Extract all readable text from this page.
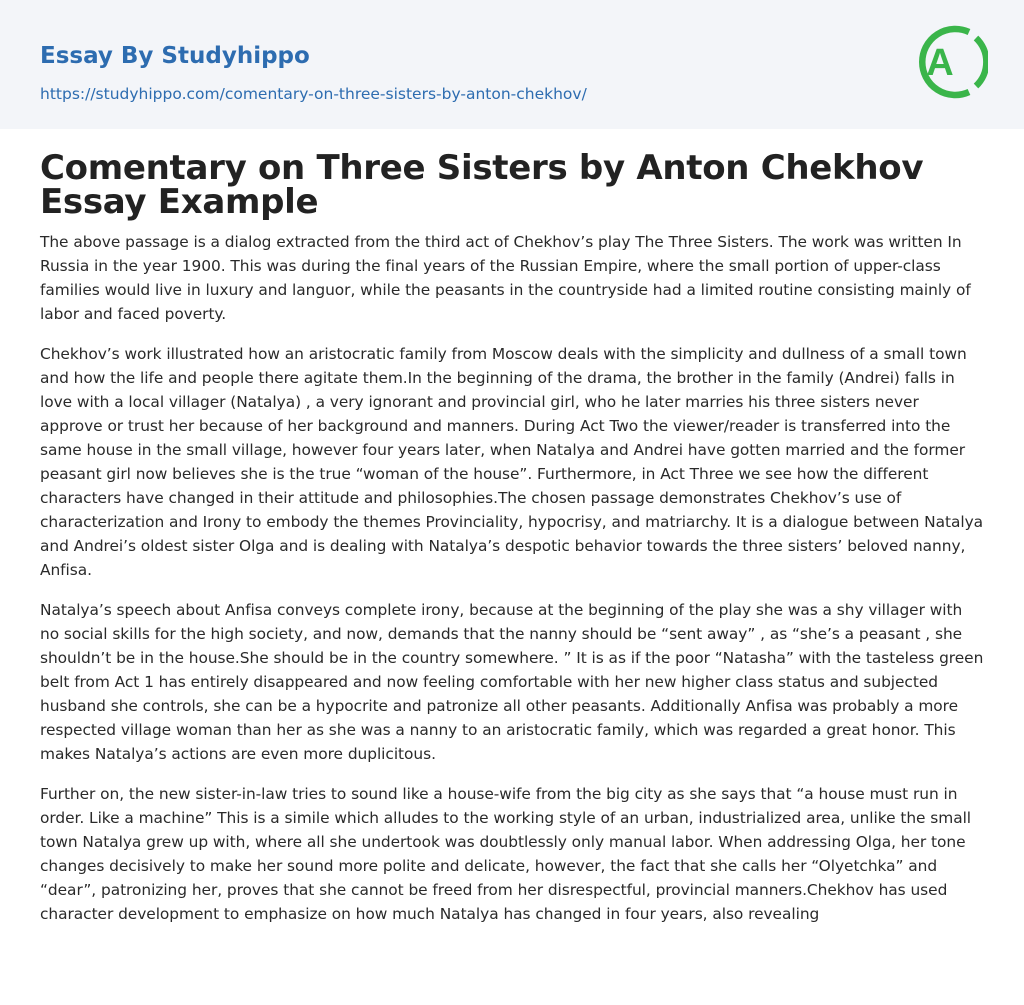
Essay By Studyhippo
https://studyhippo.com/comentary-on-three-sisters-by-anton-chekhov/
A
Comentary on Three Sisters by Anton Chekhov
Essay Example

The above passage is a dialog extracted from the third act of Chekhov’s play The Three Sisters. The work was written In Russia in the year 1900. This was during the final years of the Russian Empire, where the small portion of upper-class families would live in luxury and languor, while the peasants in the countryside had a limited routine consisting mainly of labor and faced poverty.

Chekhov’s work illustrated how an aristocratic family from Moscow deals with the simplicity and dullness of a small town and how the life and people there agitate them.In the beginning of the drama, the brother in the family (Andrei) falls in love with a local villager (Natalya) , a very ignorant and provincial girl, who he later marries his three sisters never approve or trust her because of her background and manners. During Act Two the viewer/reader is transferred into the same house in the small village, however four years later, when Natalya and Andrei have gotten married and the former peasant girl now believes she is the true “woman of the house”. Furthermore, in Act Three we see how the different characters have changed in their attitude and philosophies.The chosen passage demonstrates Chekhov’s use of characterization and Irony to embody the themes Provinciality, hypocrisy, and matriarchy. It is a dialogue between Natalya and Andrei’s oldest sister Olga and is dealing with Natalya’s despotic behavior towards the three sisters’ beloved nanny, Anfisa.

Natalya’s speech about Anfisa conveys complete irony, because at the beginning of the play she was a shy villager with no social skills for the high society, and now, demands that the nanny should be “sent away” , as “she’s a peasant , she shouldn’t be in the house.She should be in the country somewhere. ” It is as if the poor “Natasha” with the tasteless green belt from Act 1 has entirely disappeared and now feeling comfortable with her new higher class status and subjected husband she controls, she can be a hypocrite and patronize all other peasants. Additionally Anfisa was probably a more respected village woman than her as she was a nanny to an aristocratic family, which was regarded a great honor. This makes Natalya’s actions are even more duplicitous.

Further on, the new sister-in-law tries to sound like a house-wife from the big city as she says that “a house must run in order. Like a machine” This is a simile which alludes to the working style of an urban, industrialized area, unlike the small town Natalya grew up with, where all she undertook was doubtlessly only manual labor. When addressing Olga, her tone changes decisively to make her sound more polite and delicate, however, the fact that she calls her “Olyetchka” and “dear”, patronizing her, proves that she cannot be freed from her disrespectful, provincial manners.Chekhov has used character development to emphasize on how much Natalya has changed in four years, also revealing
